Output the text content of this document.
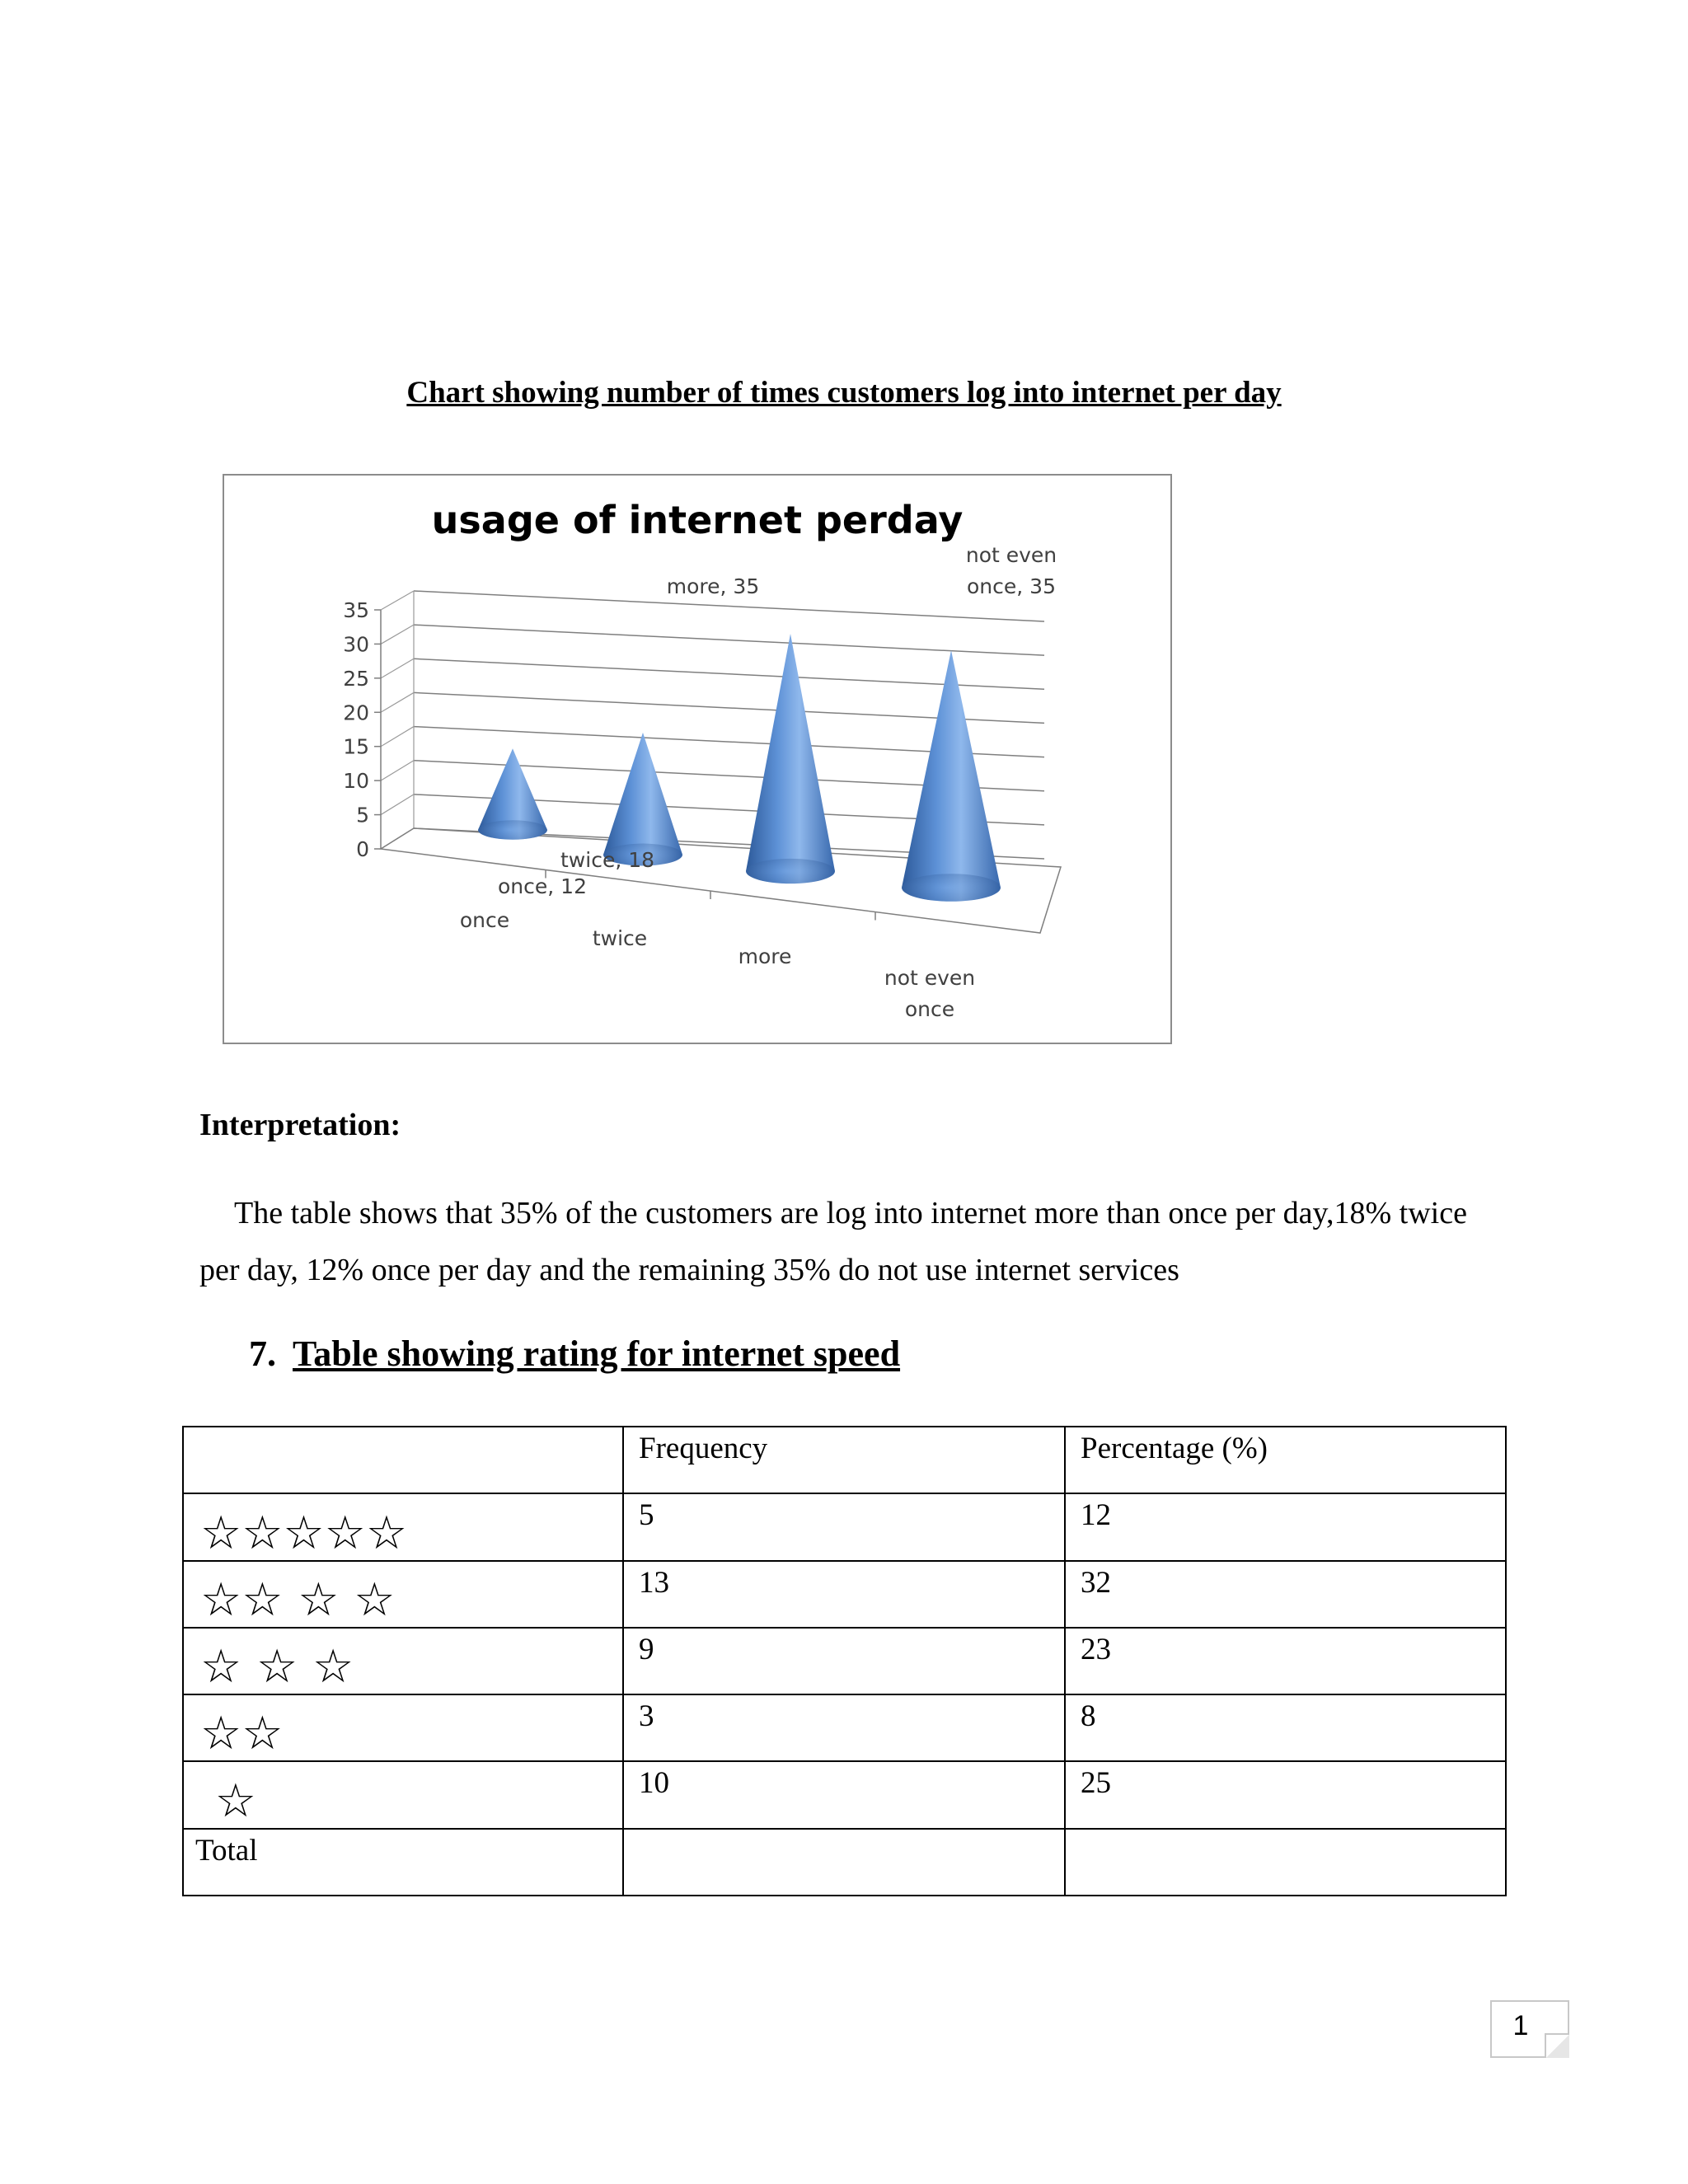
Chart showing number of times customers log into internet per day
usage of internet perday
0
5
10
15
20
25
30
35
once, 12
once
twice, 18
twice
more, 35
more
not even
once, 35
not even
once
Interpretation:
The table shows that 35% of the customers are log into internet more than once per day,18% twice per day, 12% once per day and the remaining 35% do not use internet services
7. Table showing rating for internet speed
	Frequency	Percentage (%)

☆☆☆☆☆	5	12

☆☆ ☆ ☆	13	32

☆ ☆ ☆	9	23

☆☆	3	8

☆	10	25
Total		
1
